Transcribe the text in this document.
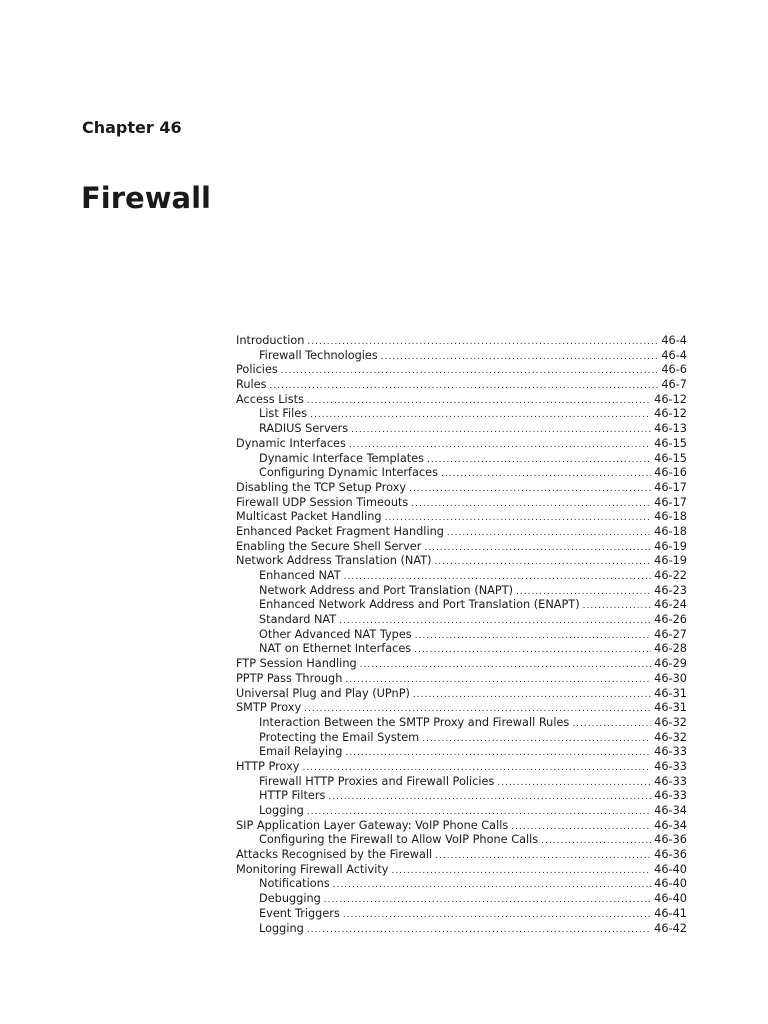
Chapter 46
Firewall
Introduction .....	46-4
Firewall Technologies .....	46-4
Policies .....	46-6
Rules .....	46-7
Access Lists .....	46-12
List Files .....	46-12
RADIUS Servers .....	46-13
Dynamic Interfaces .....	46-15
Dynamic Interface Templates .....	46-15
Configuring Dynamic Interfaces .....	46-16
Disabling the TCP Setup Proxy .....	46-17
Firewall UDP Session Timeouts .....	46-17
Multicast Packet Handling .....	46-18
Enhanced Packet Fragment Handling .....	46-18
Enabling the Secure Shell Server .....	46-19
Network Address Translation (NAT) .....	46-19
Enhanced NAT .....	46-22
Network Address and Port Translation (NAPT) .....	46-23
Enhanced Network Address and Port Translation (ENAPT) .....	46-24
Standard NAT .....	46-26
Other Advanced NAT Types .....	46-27
NAT on Ethernet Interfaces .....	46-28
FTP Session Handling .....	46-29
PPTP Pass Through .....	46-30
Universal Plug and Play (UPnP) .....	46-31
SMTP Proxy .....	46-31
Interaction Between the SMTP Proxy and Firewall Rules .....	46-32
Protecting the Email System .....	46-32
Email Relaying .....	46-33
HTTP Proxy .....	46-33
Firewall HTTP Proxies and Firewall Policies .....	46-33
HTTP Filters .....	46-33
Logging .....	46-34
SIP Application Layer Gateway: VoIP Phone Calls .....	46-34
Configuring the Firewall to Allow VoIP Phone Calls .....	46-36
Attacks Recognised by the Firewall .....	46-36
Monitoring Firewall Activity .....	46-40
Notifications .....	46-40
Debugging .....	46-40
Event Triggers .....	46-41
Logging .....	46-42
